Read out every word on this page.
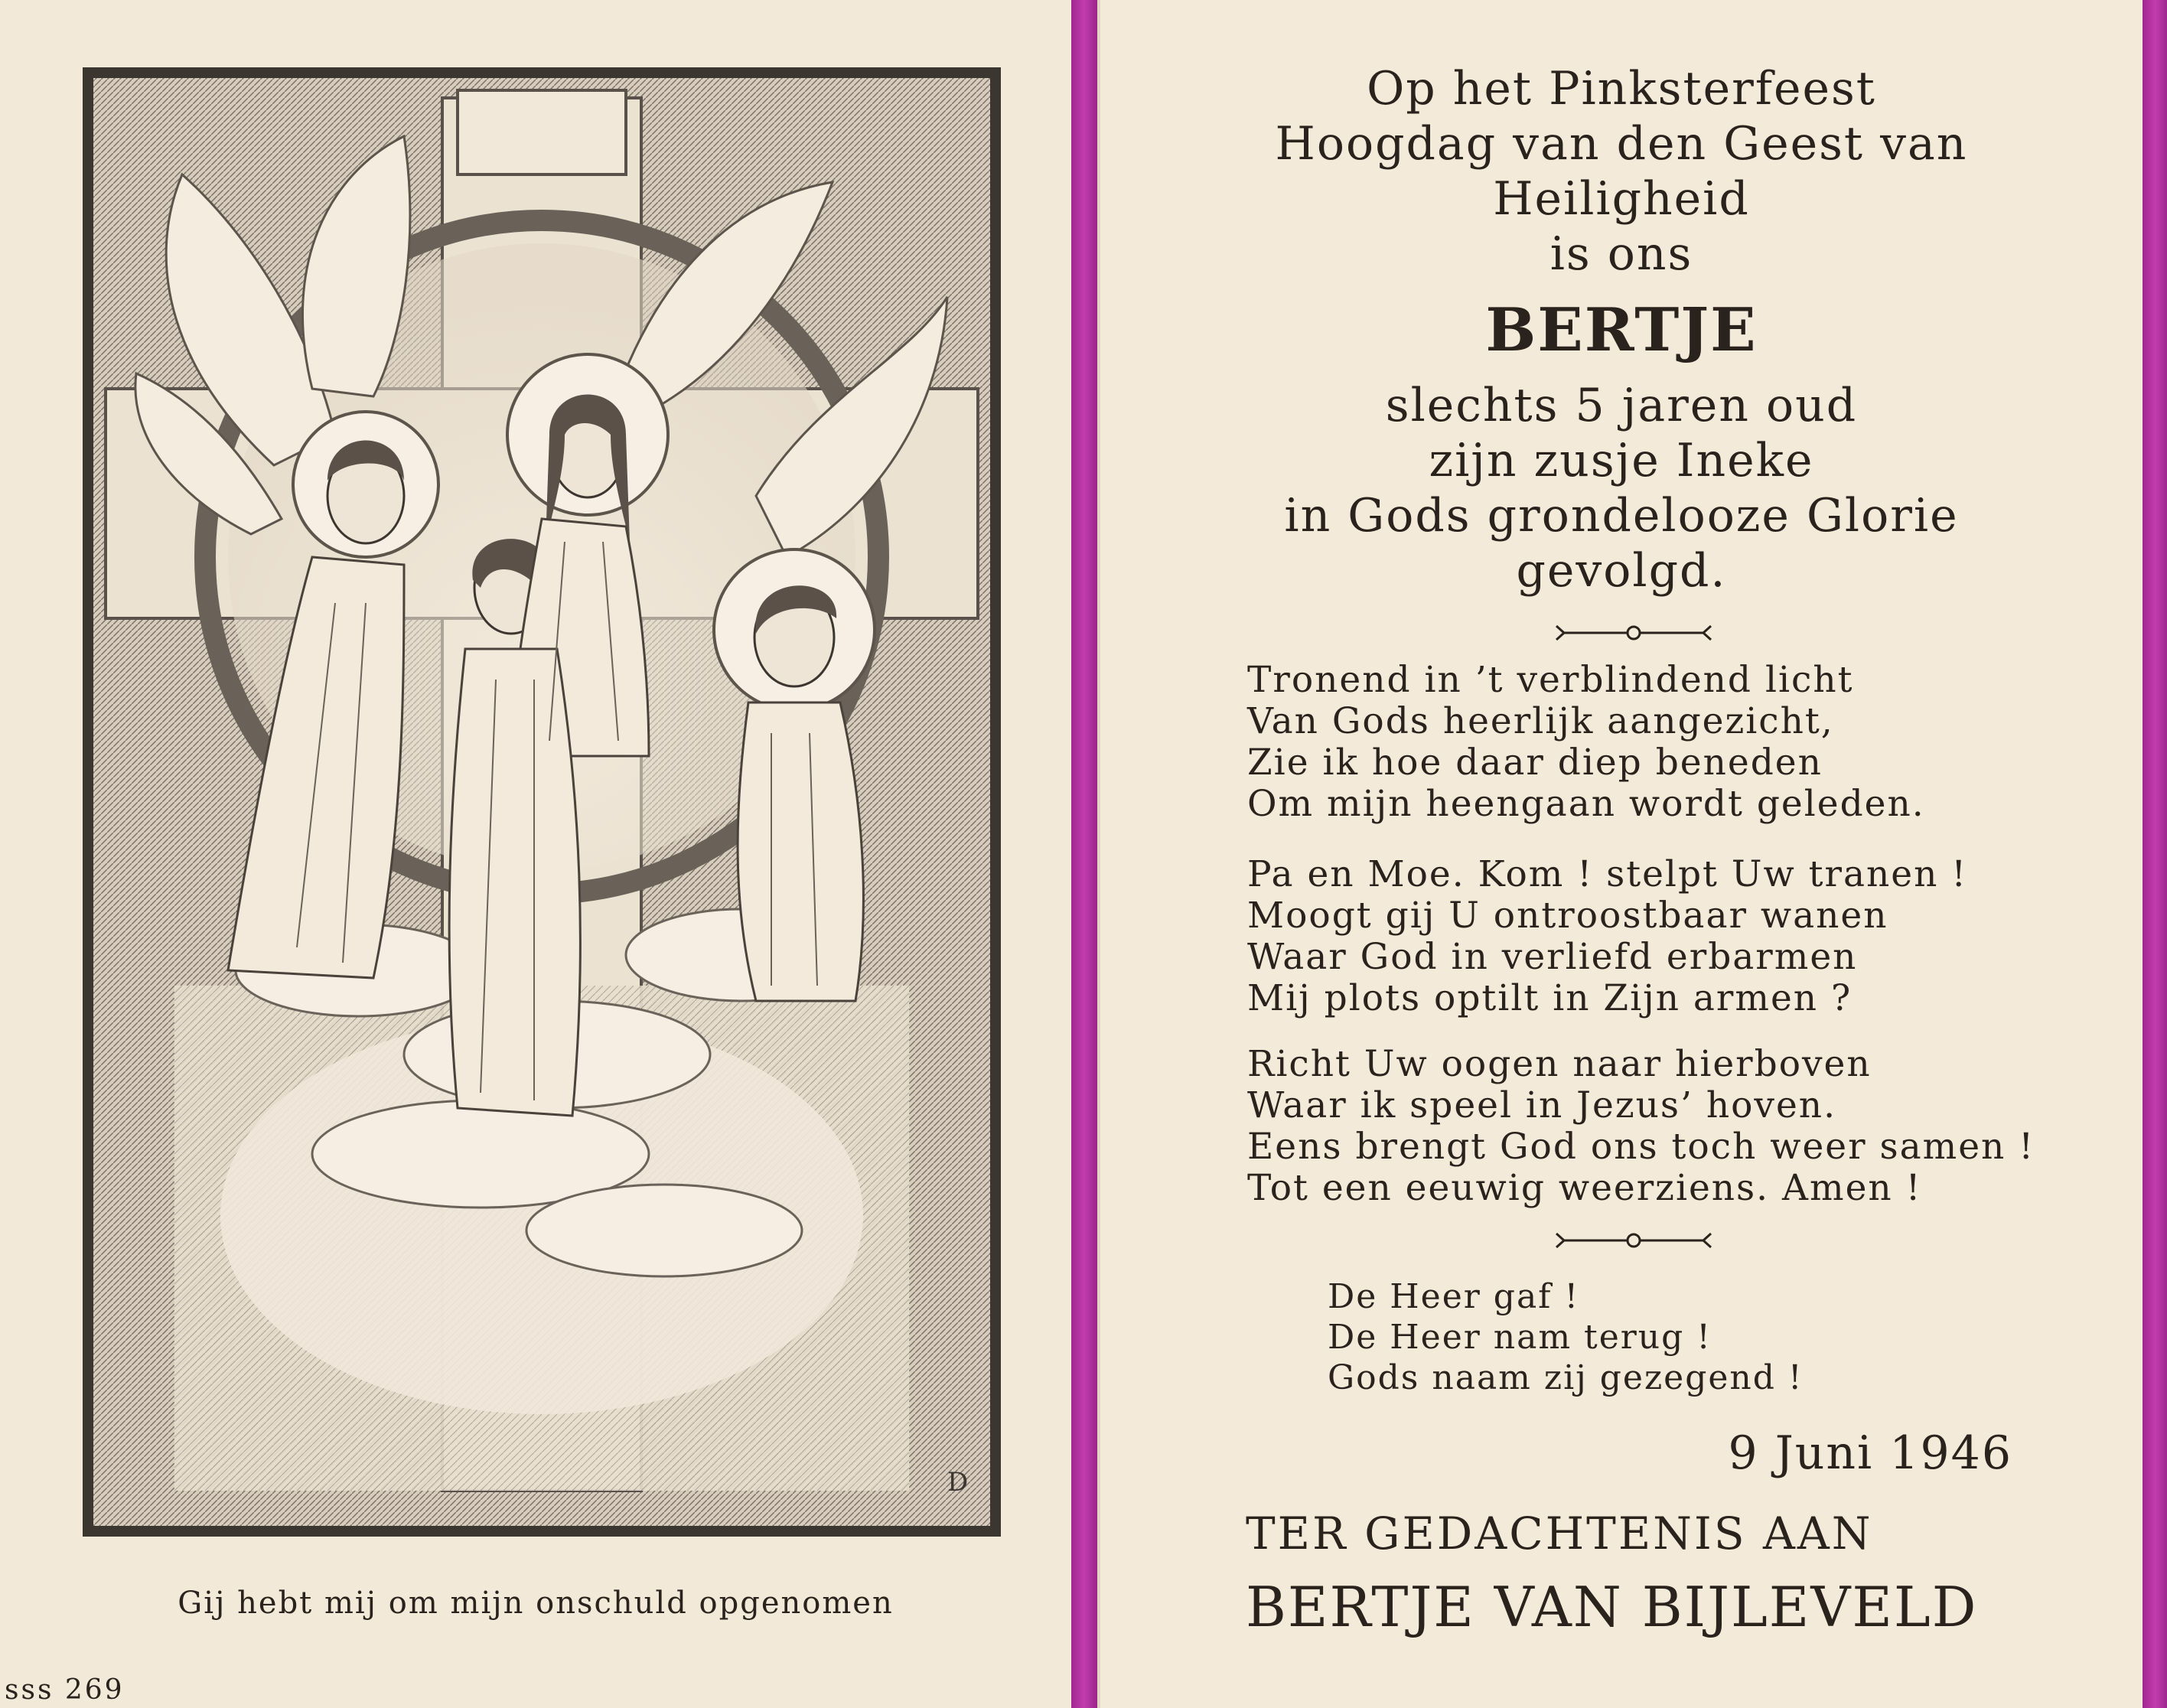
D
Gij hebt mij om mijn onschuld opgenomen
sss 269
Op het Pinksterfeest
Hoogdag van den Geest van
Heiligheid
is ons
BERTJE
slechts 5 jaren oud
zijn zusje Ineke
in Gods grondelooze Glorie
gevolgd.
Tronend in ’t verblindend licht
Van Gods heerlijk aangezicht,
Zie ik hoe daar diep beneden
Om mijn heengaan wordt geleden.
Pa en Moe. Kom ! stelpt Uw tranen !
Moogt gij U ontroostbaar wanen
Waar God in verliefd erbarmen
Mij plots optilt in Zijn armen ?
Richt Uw oogen naar hierboven
Waar ik speel in Jezus’ hoven.
Eens brengt God ons toch weer samen !
Tot een eeuwig weerziens. Amen !
De Heer gaf !
De Heer nam terug !
Gods naam zij gezegend !
9 Juni 1946
TER GEDACHTENIS AAN
BERTJE VAN BIJLEVELD
